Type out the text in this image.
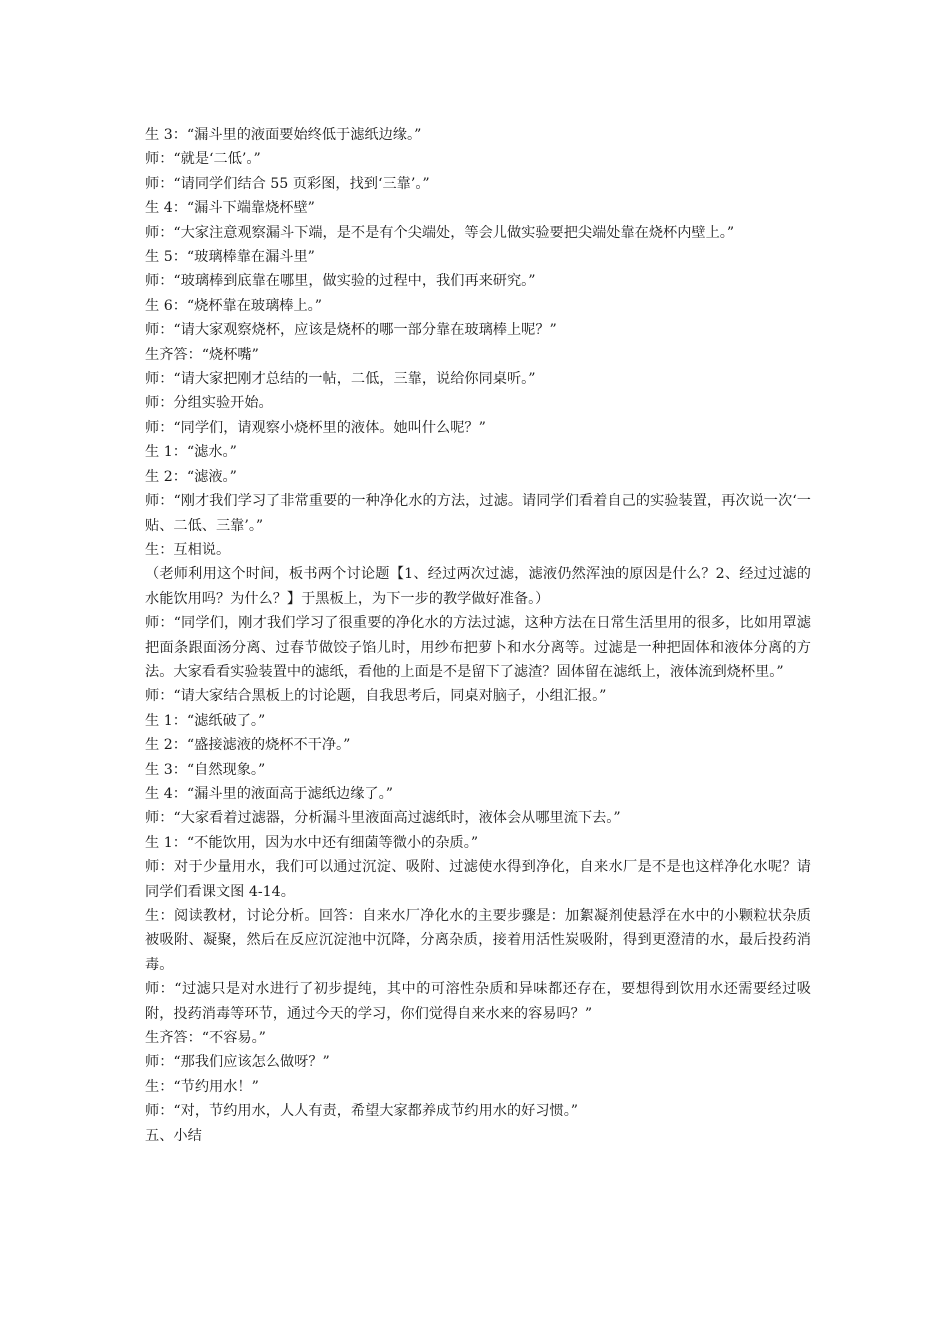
生 3：“漏斗里的液面要始终低于滤纸边缘。”

师：“就是‘二低’。”

师：“请同学们结合 55 页彩图，找到‘三靠’。”

生 4：“漏斗下端靠烧杯壁”

师：“大家注意观察漏斗下端，是不是有个尖端处，等会儿做实验要把尖端处靠在烧杯内壁上。”

生 5：“玻璃棒靠在漏斗里”

师：“玻璃棒到底靠在哪里，做实验的过程中，我们再来研究。”

生 6：“烧杯靠在玻璃棒上。”

师：“请大家观察烧杯，应该是烧杯的哪一部分靠在玻璃棒上呢？”

生齐答：“烧杯嘴”

师：“请大家把刚才总结的一帖，二低，三靠，说给你同桌听。”

师：分组实验开始。

师：“同学们，请观察小烧杯里的液体。她叫什么呢？”

生 1：“滤水。”

生 2：“滤液。”

师：“刚才我们学习了非常重要的一种净化水的方法，过滤。请同学们看着自己的实验装置，再次说一次‘一贴、二低、三靠’。”

生：互相说。

（老师利用这个时间，板书两个讨论题【1、经过两次过滤，滤液仍然浑浊的原因是什么？2、经过过滤的水能饮用吗？为什么？】于黑板上，为下一步的教学做好准备。）

师：“同学们，刚才我们学习了很重要的净化水的方法过滤，这种方法在日常生活里用的很多，比如用罩滤把面条跟面汤分离、过春节做饺子馅儿时，用纱布把萝卜和水分离等。过滤是一种把固体和液体分离的方法。大家看看实验装置中的滤纸，看他的上面是不是留下了滤渣？固体留在滤纸上，液体流到烧杯里。”

师：“请大家结合黑板上的讨论题，自我思考后，同桌对脑子，小组汇报。”

生 1：“滤纸破了。”

生 2：“盛接滤液的烧杯不干净。”

生 3：“自然现象。”

生 4：“漏斗里的液面高于滤纸边缘了。”

师：“大家看着过滤器，分析漏斗里液面高过滤纸时，液体会从哪里流下去。”

生 1：“不能饮用，因为水中还有细菌等微小的杂质。”

师：对于少量用水，我们可以通过沉淀、吸附、过滤使水得到净化，自来水厂是不是也这样净化水呢？请同学们看课文图 4-14。

生：阅读教材，讨论分析。回答：自来水厂净化水的主要步骤是：加絮凝剂使悬浮在水中的小颗粒状杂质被吸附、凝聚，然后在反应沉淀池中沉降，分离杂质，接着用活性炭吸附，得到更澄清的水，最后投药消毒。

师：“过滤只是对水进行了初步提纯，其中的可溶性杂质和异味都还存在，要想得到饮用水还需要经过吸附，投药消毒等环节，通过今天的学习，你们觉得自来水来的容易吗？”

生齐答：“不容易。”

师：“那我们应该怎么做呀？”

生：“节约用水！”

师：“对，节约用水，人人有责，希望大家都养成节约用水的好习惯。”

五、小结
